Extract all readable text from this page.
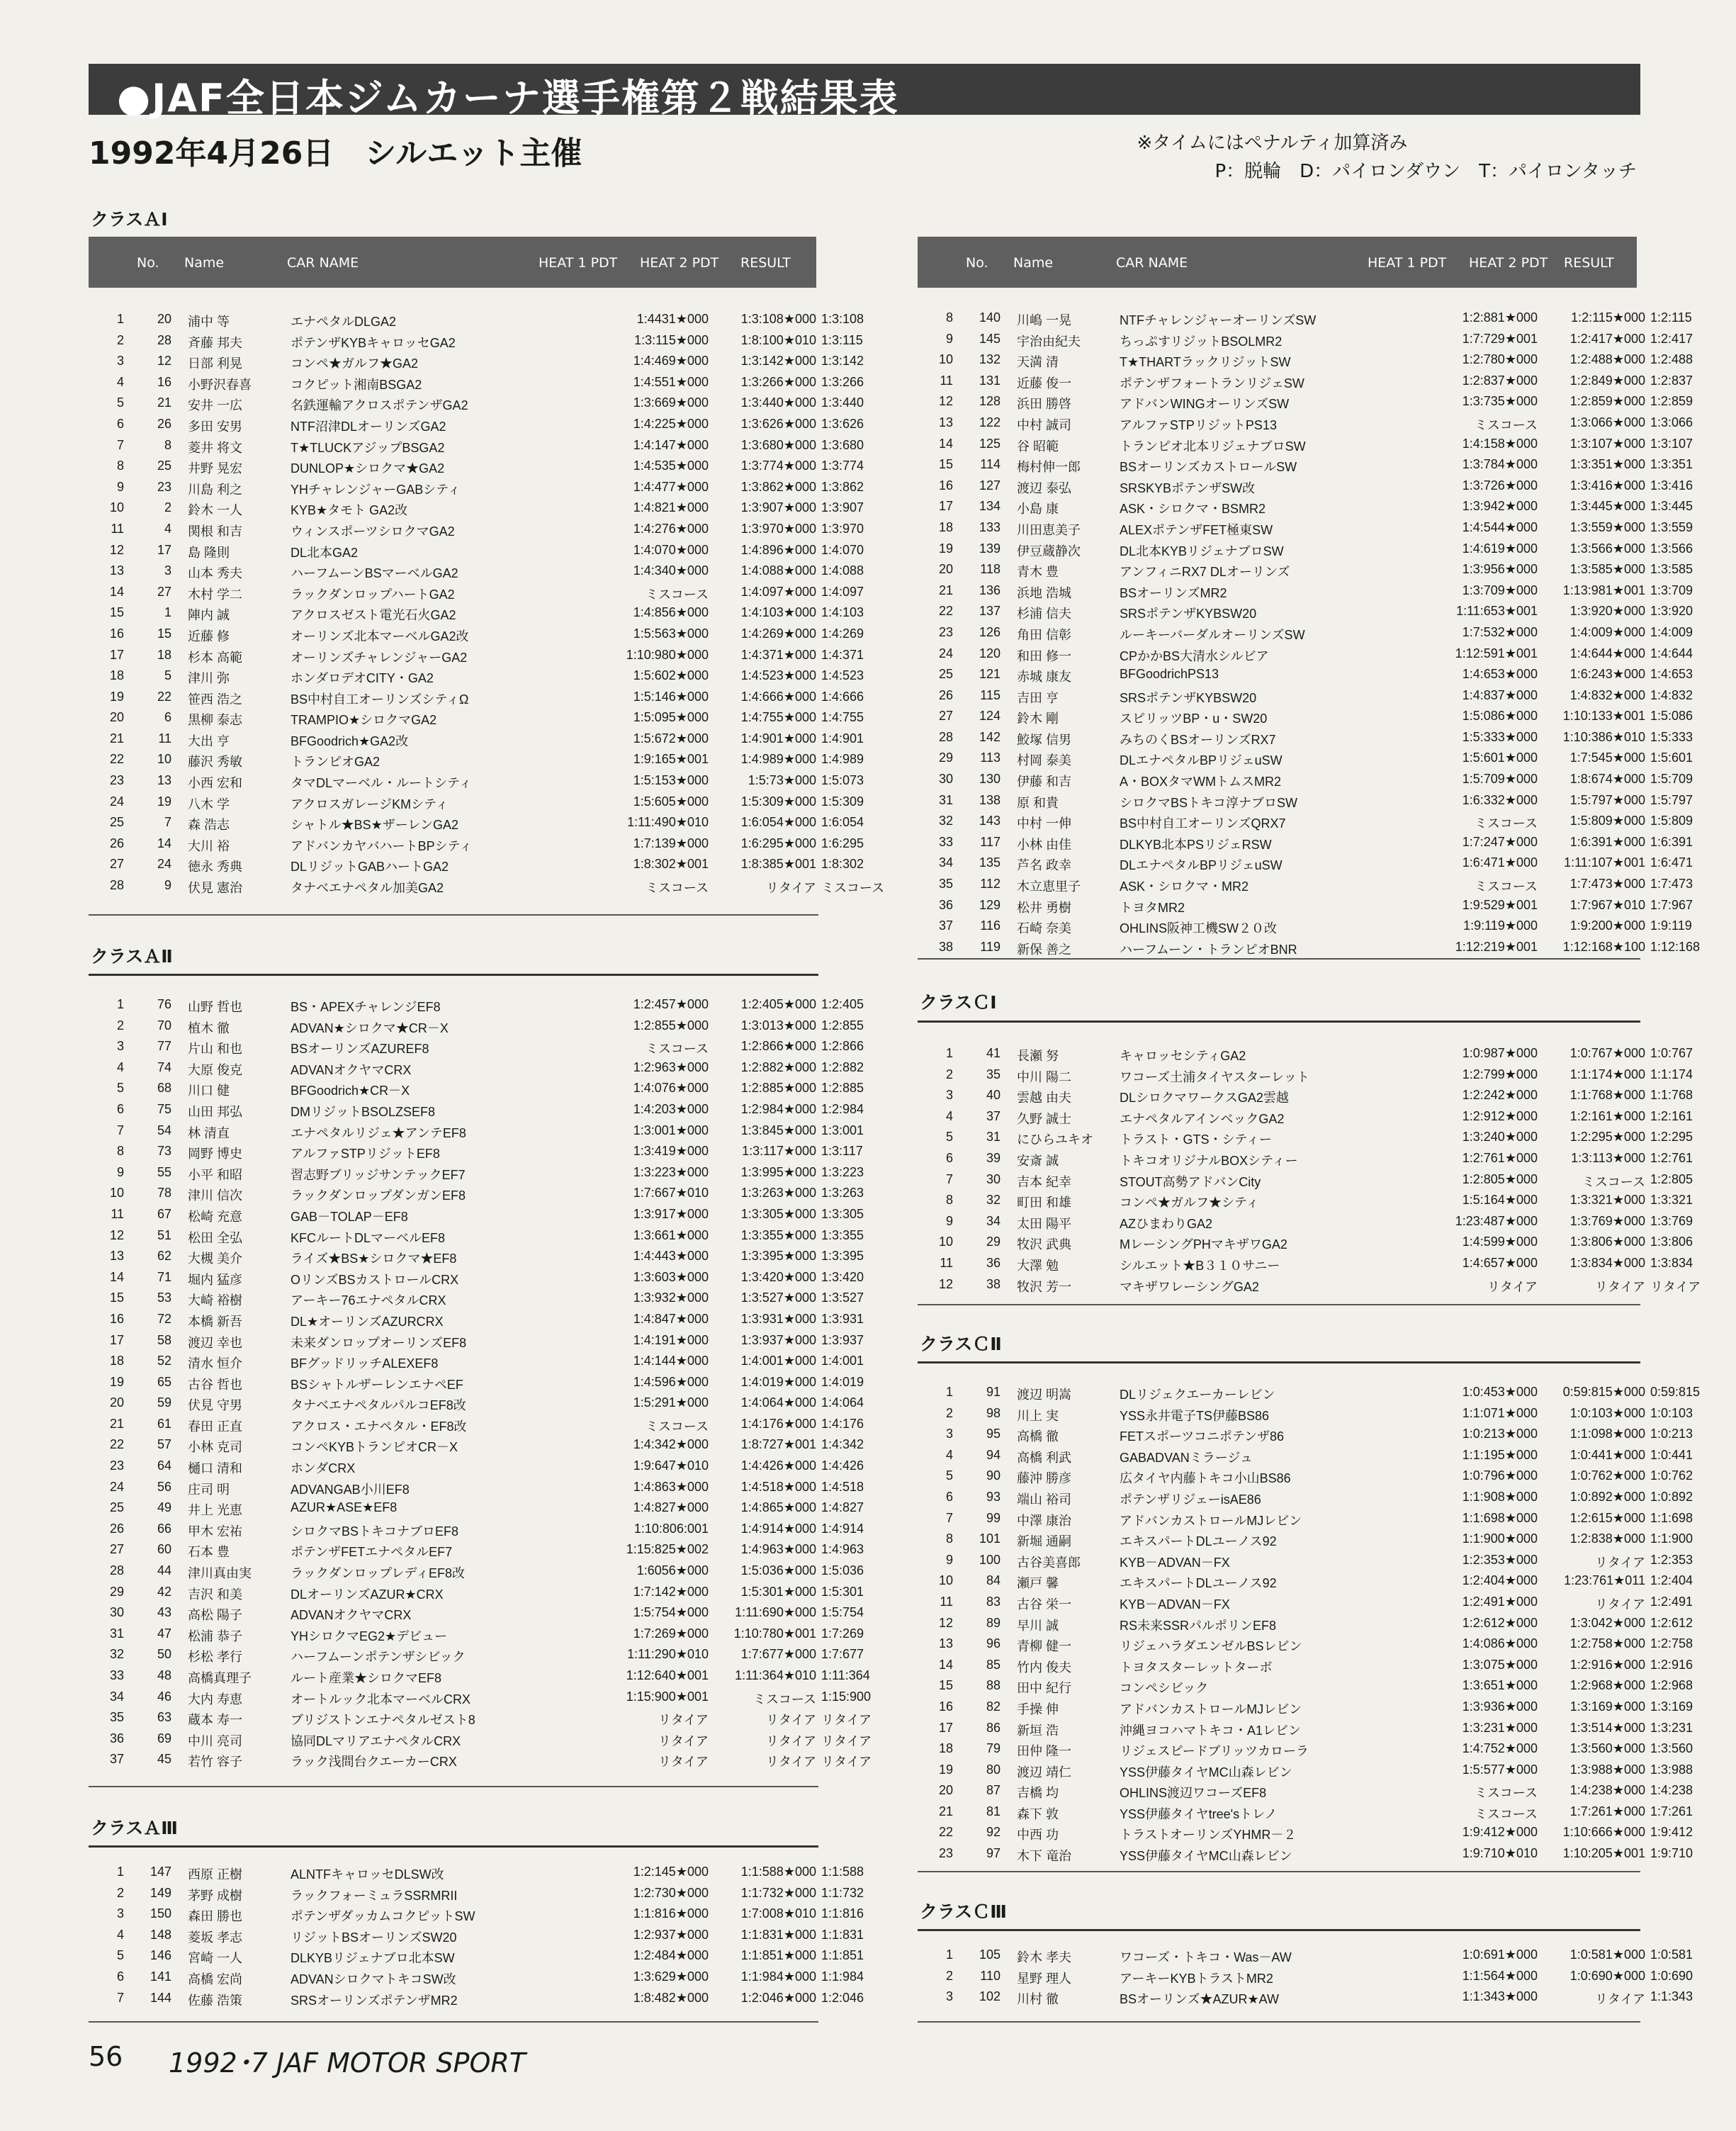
●JAF全日本ジムカーナ選手権第２戦結果表
1992年4月26日　シルエット主催	※タイムにはペナルティ加算済み
P：脱輪　D：パイロンダウン　T：パイロンタッチ
クラスＡⅠ
No. Name	CAR NAME	HEAT 1 PDT HEAT 2 PDT RESULT
1	20 浦中 等	エナペタルDLGA2	1:4431★000	1:3:108★000 1:3:108
2	28 斉藤 邦夫	ポテンザKYBキャロッセGA2	1:3:115★000	1:8:100★010 1:3:115
3	12 日部 利晃	コンペ★ガルフ★GA2	1:4:469★000	1:3:142★000 1:3:142
4	16 小野沢春喜	コクピット湘南BSGA2	1:4:551★000	1:3:266★000 1:3:266
5	21 安井 一広	名鉄運輸アクロスポテンザGA2	1:3:669★000	1:3:440★000 1:3:440
6	26 多田 安男	NTF沼津DLオーリンズGA2	1:4:225★000	1:3:626★000 1:3:626
7	8 菱井 将文	T★TLUCKアジップBSGA2	1:4:147★000	1:3:680★000 1:3:680
8	25 井野 晃宏	DUNLOP★シロクマ★GA2	1:4:535★000	1:3:774★000 1:3:774
9	23 川島 利之	YHチャレンジャーGABシティ	1:4:477★000	1:3:862★000 1:3:862
10	2 鈴木 一人	KYB★タモト GA2改	1:4:821★000	1:3:907★000 1:3:907
11	4 関根 和吉	ウィンスポーツシロクマGA2	1:4:276★000	1:3:970★000 1:3:970
12	17 島 隆則	DL北本GA2	1:4:070★000	1:4:896★000 1:4:070
13	3 山本 秀夫	ハーフムーンBSマーベルGA2	1:4:340★000	1:4:088★000 1:4:088
14	27 木村 学二	ラックダンロップハートGA2	ミスコース	1:4:097★000 1:4:097
15	1 陣内 誠	アクロスゼスト電光石火GA2	1:4:856★000	1:4:103★000 1:4:103
16	15 近藤 修	オーリンズ北本マーベルGA2改	1:5:563★000	1:4:269★000 1:4:269
17	18 杉本 高範	オーリンズチャレンジャーGA2	1:10:980★000	1:4:371★000 1:4:371
18	5 津川 弥	ホンダロデオCITY・GA2	1:5:602★000	1:4:523★000 1:4:523
19	22 笹西 浩之	BS中村自工オーリンズシティΩ	1:5:146★000	1:4:666★000 1:4:666
20	6 黒柳 泰志	TRAMPIO★シロクマGA2	1:5:095★000	1:4:755★000 1:4:755
21	11 大出 亨	BFGoodrich★GA2改	1:5:672★000	1:4:901★000 1:4:901
22	10 藤沢 秀敏	トランピオGA2	1:9:165★001	1:4:989★000 1:4:989
23	13 小西 宏和	タマDLマーベル・ルートシティ	1:5:153★000	1:5:73★000 1:5:073
24	19 八木 学	アクロスガレージKMシティ	1:5:605★000	1:5:309★000 1:5:309
25	7 森 浩志	シャトル★BS★ザーレンGA2	1:11:490★010	1:6:054★000 1:6:054
26	14 大川 裕	アドバンカヤバハートBPシティ	1:7:139★000	1:6:295★000 1:6:295
27	24 徳永 秀典	DLリジットGABハートGA2	1:8:302★001	1:8:385★001 1:8:302
28	9 伏見 憲治	タナベエナペタル加美GA2	ミスコース	リタイア ミスコース
クラスＡⅡ
1	76 山野 哲也	BS・APEXチャレンジEF8	1:2:457★000	1:2:405★000 1:2:405
2	70 植木 徹	ADVAN★シロクマ★CR－X	1:2:855★000	1:3:013★000 1:2:855
3	77 片山 和也	BSオーリンズAZUREF8	ミスコース	1:2:866★000 1:2:866
4	74 大原 俊克	ADVANオクヤマCRX	1:2:963★000	1:2:882★000 1:2:882
5	68 川口 健	BFGoodrich★CR－X	1:4:076★000	1:2:885★000 1:2:885
6	75 山田 邦弘	DMリジットBSOLZSEF8	1:4:203★000	1:2:984★000 1:2:984
7	54 林 清直	エナペタルリジェ★アンテEF8	1:3:001★000	1:3:845★000 1:3:001
8	73 岡野 博史	アルファSTPリジットEF8	1:3:419★000	1:3:117★000 1:3:117
9	55 小平 和昭	習志野ブリッジサンテックEF7	1:3:223★000	1:3:995★000 1:3:223
10	78 津川 信次	ラックダンロップダンガンEF8	1:7:667★010	1:3:263★000 1:3:263
11	67 松崎 充意	GAB－TOLAP－EF8	1:3:917★000	1:3:305★000 1:3:305
12	51 松田 全弘	KFCルートDLマーベルEF8	1:3:661★000	1:3:355★000 1:3:355
13	62 大槻 美介	ライズ★BS★シロクマ★EF8	1:4:443★000	1:3:395★000 1:3:395
14	71 堀内 猛彦	OリンズBSカストロールCRX	1:3:603★000	1:3:420★000 1:3:420
15	53 大崎 裕樹	アーキー76エナペタルCRX	1:3:932★000	1:3:527★000 1:3:527
16	72 本橋 新吾	DL★オーリンズAZURCRX	1:4:847★000	1:3:931★000 1:3:931
17	58 渡辺 幸也	未来ダンロップオーリンズEF8	1:4:191★000	1:3:937★000 1:3:937
18	52 清水 恒介	BFグッドリッチALEXEF8	1:4:144★000	1:4:001★000 1:4:001
19	65 古谷 哲也	BSシャトルザーレンエナペEF	1:4:596★000	1:4:019★000 1:4:019
20	59 伏見 守男	タナベエナペタルパルコEF8改	1:5:291★000	1:4:064★000 1:4:064
21	61 春田 正直	アクロス・エナペタル・EF8改	ミスコース	1:4:176★000 1:4:176
22	57 小林 克司	コンペKYBトランピオCR－X	1:4:342★000	1:8:727★001 1:4:342
23	64 樋口 清和	ホンダCRX	1:9:647★010	1:4:426★000 1:4:426
24	56 庄司 明	ADVANGAB小川EF8	1:4:863★000	1:4:518★000 1:4:518
25	49 井上 光恵	AZUR★ASE★EF8	1:4:827★000	1:4:865★000 1:4:827
26	66 甲木 宏祐	シロクマBSトキコナブロEF8	1:10:806:001	1:4:914★000 1:4:914
27	60 石本 豊	ポテンザFETエナペタルEF7	1:15:825★002	1:4:963★000 1:4:963
28	44 津川真由実	ラックダンロップレディEF8改	1:6056★000	1:5:036★000 1:5:036
29	42 吉沢 和美	DLオーリンズAZUR★CRX	1:7:142★000	1:5:301★000 1:5:301
30	43 高松 陽子	ADVANオクヤマCRX	1:5:754★000	1:11:690★000 1:5:754
31	47 松浦 恭子	YHシロクマEG2★デビュー	1:7:269★000	1:10:780★001 1:7:269
32	50 杉松 孝行	ハーフムーンポテンザシビック	1:11:290★010	1:7:677★000 1:7:677
33	48 高橋真理子	ルート産業★シロクマEF8	1:12:640★001	1:11:364★010 1:11:364
34	46 大内 寿恵	オートルック北本マーベルCRX	1:15:900★001	ミスコース 1:15:900
35	63 蔵本 寿一	ブリジストンエナペタルゼスト8	リタイア	リタイア リタイア
36	69 中川 亮司	協同DLマリアエナペタルCRX	リタイア	リタイア リタイア
37	45 若竹 容子	ラック浅間台クエーカーCRX	リタイア	リタイア リタイア
クラスＡⅢ
1	147 西原 正樹	ALNTFキャロッセDLSW改	1:2:145★000	1:1:588★000 1:1:588
2	149 茅野 成樹	ラックフォーミュラSSRMRII	1:2:730★000	1:1:732★000 1:1:732
3	150 森田 勝也	ポテンザダッカムコクピットSW	1:1:816★000	1:7:008★010 1:1:816
4	148 菱坂 孝志	リジットBSオーリンズSW20	1:2:937★000	1:1:831★000 1:1:831
5	146 宮崎 一人	DLKYBリジェナブロ北本SW	1:2:484★000	1:1:851★000 1:1:851
6	141 高橋 宏尚	ADVANシロクマトキコSW改	1:3:629★000	1:1:984★000 1:1:984
7	144 佐藤 浩策	SRSオーリンズポテンザMR2	1:8:482★000	1:2:046★000 1:2:046
No. Name	CAR NAME	HEAT 1 PDT HEAT 2 PDT RESULT
8	140 川嶋 一晃	NTFチャレンジャーオーリンズSW	1:2:881★000	1:2:115★000 1:2:115
9	145 宇治由紀夫	ちっぷすリジットBSOLMR2	1:7:729★001	1:2:417★000 1:2:417
10	132 天満 清	T★THARTラックリジットSW	1:2:780★000	1:2:488★000 1:2:488
11	131 近藤 俊一	ポテンザフォートランリジェSW	1:2:837★000	1:2:849★000 1:2:837
12	128 浜田 勝啓	アドバンWINGオーリンズSW	1:3:735★000	1:2:859★000 1:2:859
13	122 中村 誠司	アルファSTPリジットPS13	ミスコース	1:3:066★000 1:3:066
14	125 谷 昭範	トランピオ北本リジェナブロSW	1:4:158★000	1:3:107★000 1:3:107
15	114 梅村伸一郎	BSオーリンズカストロールSW	1:3:784★000	1:3:351★000 1:3:351
16	127 渡辺 泰弘	SRSKYBポテンザSW改	1:3:726★000	1:3:416★000 1:3:416
17	134 小島 康	ASK・シロクマ・BSMR2	1:3:942★000	1:3:445★000 1:3:445
18	133 川田恵美子	ALEXポテンザFET極東SW	1:4:544★000	1:3:559★000 1:3:559
19	139 伊豆蔵静次	DL北本KYBリジェナブロSW	1:4:619★000	1:3:566★000 1:3:566
20	118 青木 豊	アンフィニRX7 DLオーリンズ	1:3:956★000	1:3:585★000 1:3:585
21	136 浜地 浩城	BSオーリンズMR2	1:3:709★000	1:13:981★001 1:3:709
22	137 杉浦 信夫	SRSポテンザKYBSW20	1:11:653★001	1:3:920★000 1:3:920
23	126 角田 信彰	ルーキーバーダルオーリンズSW	1:7:532★000	1:4:009★000 1:4:009
24	120 和田 修一	CPかかBS大清水シルビア	1:12:591★001	1:4:644★000 1:4:644
25	121 赤城 康友	BFGoodrichPS13	1:4:653★000	1:6:243★000 1:4:653
26	115 吉田 亨	SRSポテンザKYBSW20	1:4:837★000	1:4:832★000 1:4:832
27	124 鈴木 剛	スピリッツBP・u・SW20	1:5:086★000	1:10:133★001 1:5:086
28	142 鮫塚 信男	みちのくBSオーリンズRX7	1:5:333★000	1:10:386★010 1:5:333
29	113 村岡 泰美	DLエナペタルBPリジェuSW	1:5:601★000	1:7:545★000 1:5:601
30	130 伊藤 和吉	A・BOXタマWMトムスMR2	1:5:709★000	1:8:674★000 1:5:709
31	138 原 和貴	シロクマBSトキコ淳ナブロSW	1:6:332★000	1:5:797★000 1:5:797
32	143 中村 一伸	BS中村自工オーリンズQRX7	ミスコース	1:5:809★000 1:5:809
33	117 小林 由佳	DLKYB北本PSリジェRSW	1:7:247★000	1:6:391★000 1:6:391
34	135 芦名 政幸	DLエナペタルBPリジェuSW	1:6:471★000	1:11:107★001 1:6:471
35	112 木立恵里子	ASK・シロクマ・MR2	ミスコース	1:7:473★000 1:7:473
36	129 松井 勇樹	トヨタMR2	1:9:529★001	1:7:967★010 1:7:967
37	116 石崎 奈美	OHLINS阪神工機SW２０改	1:9:119★000	1:9:200★000 1:9:119
38	119 新保 善之	ハーフムーン・トランピオBNR	1:12:219★001	1:12:168★100 1:12:168
クラスＣⅠ
1	41 長瀬 努	キャロッセシティGA2	1:0:987★000	1:0:767★000 1:0:767
2	35 中川 陽二	ワコーズ土浦タイヤスターレット	1:2:799★000	1:1:174★000 1:1:174
3	40 雲越 由夫	DLシロクマワークスGA2雲越	1:2:242★000	1:1:768★000 1:1:768
4	37 久野 誠士	エナペタルアインベックGA2	1:2:912★000	1:2:161★000 1:2:161
5	31 にひらユキオ トラスト・GTS・シティー	1:3:240★000	1:2:295★000 1:2:295
6	39 安斎 誠	トキコオリジナルBOXシティー	1:2:761★000	1:3:113★000 1:2:761
7	30 吉本 紀幸	STOUT高勢アドバンCity	1:2:805★000	ミスコース 1:2:805
8	32 町田 和雄	コンペ★ガルフ★シティ	1:5:164★000	1:3:321★000 1:3:321
9	34 太田 陽平	AZひまわりGA2	1:23:487★000	1:3:769★000 1:3:769
10	29 牧沢 武典	MレーシングPHマキザワGA2	1:4:599★000	1:3:806★000 1:3:806
11	36 大澤 勉	シルエット★B３１０サニー	1:4:657★000	1:3:834★000 1:3:834
12	38 牧沢 芳一	マキザワレーシングGA2	リタイア	リタイア リタイア
クラスＣⅡ
1	91 渡辺 明嵩	DLリジェクエーカーレビン	1:0:453★000	0:59:815★000 0:59:815
2	98 川上 実	YSS永井電子TS伊藤BS86	1:1:071★000	1:0:103★000 1:0:103
3	95 高橋 徹	FETスポーツコニポテンザ86	1:0:213★000	1:1:098★000 1:0:213
4	94 高橋 利武	GABADVANミラージュ	1:1:195★000	1:0:441★000 1:0:441
5	90 藤沖 勝彦	広タイヤ内藤トキコ小山BS86	1:0:796★000	1:0:762★000 1:0:762
6	93 端山 裕司	ポテンザリジェーisAE86	1:1:908★000	1:0:892★000 1:0:892
7	99 中澤 康治	アドバンカストロールMJレビン	1:1:698★000	1:2:615★000 1:1:698
8	101 新堀 通嗣	エキスパートDLユーノス92	1:1:900★000	1:2:838★000 1:1:900
9	100 古谷美喜郎	KYB－ADVAN－FX	1:2:353★000	リタイア 1:2:353
10	84 瀬戸 馨	エキスパートDLユーノス92	1:2:404★000	1:23:761★011 1:2:404
11	83 古谷 栄一	KYB－ADVAN－FX	1:2:491★000	リタイア 1:2:491
12	89 早川 誠	RS未来SSRパルポリンEF8	1:2:612★000	1:3:042★000 1:2:612
13	96 青柳 健一	リジェハラダエンゼルBSレビン	1:4:086★000	1:2:758★000 1:2:758
14	85 竹内 俊夫	トヨタスターレットターボ	1:3:075★000	1:2:916★000 1:2:916
15	88 田中 紀行	コンペシビック	1:3:651★000	1:2:968★000 1:2:968
16	82 手操 伸	アドバンカストロールMJレビン	1:3:936★000	1:3:169★000 1:3:169
17	86 新垣 浩	沖縄ヨコハマトキコ・A1レビン	1:3:231★000	1:3:514★000 1:3:231
18	79 田仲 隆一	リジェスピードブリッツカローラ	1:4:752★000	1:3:560★000 1:3:560
19	80 渡辺 靖仁	YSS伊藤タイヤMC山森レビン	1:5:577★000	1:3:988★000 1:3:988
20	87 吉橋 均	OHLINS渡辺ワコーズEF8	ミスコース	1:4:238★000 1:4:238
21	81 森下 敦	YSS伊藤タイヤtree'sトレノ	ミスコース	1:7:261★000 1:7:261
22	92 中西 功	トラストオーリンズYHMR－２	1:9:412★000	1:10:666★000 1:9:412
23	97 木下 竜治	YSS伊藤タイヤMC山森レビン	1:9:710★010	1:10:205★001 1:9:710
クラスＣⅢ
1	105 鈴木 孝夫	ワコーズ・トキコ・Was－AW	1:0:691★000	1:0:581★000 1:0:581
2	110 星野 理人	アーキーKYBトラストMR2	1:1:564★000	1:0:690★000 1:0:690
3	102 川村 徹	BSオーリンズ★AZUR★AW	1:1:343★000	リタイア 1:1:343
56 1992･7 JAF MOTOR SPORT
